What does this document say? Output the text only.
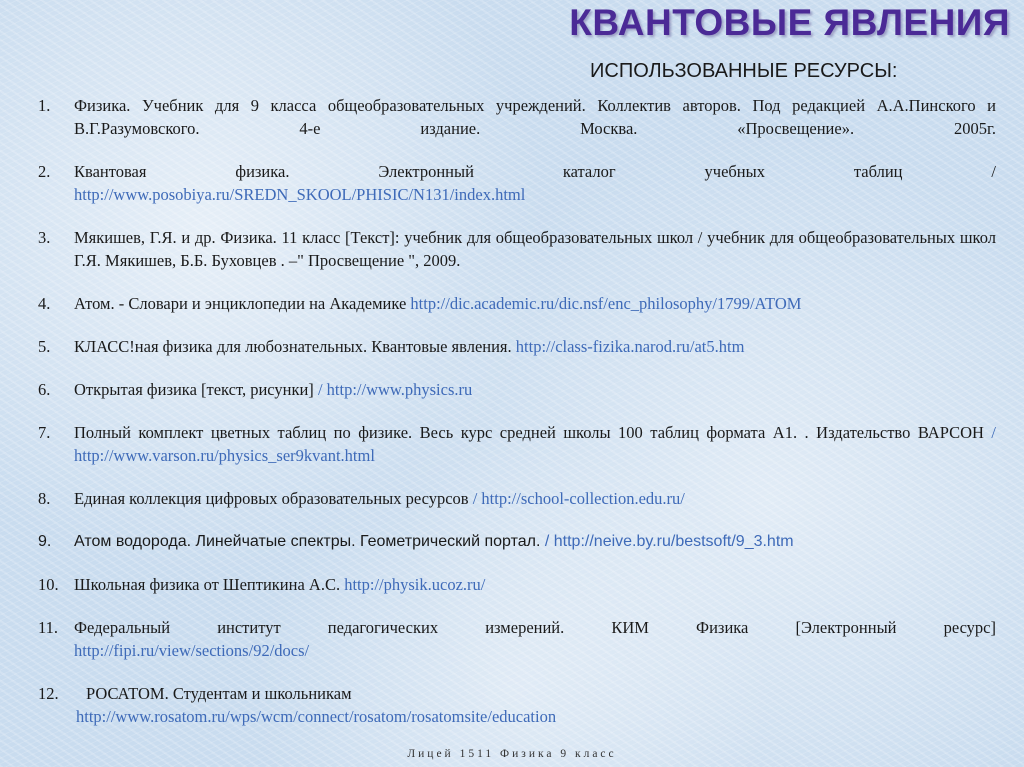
КВАНТОВЫЕ ЯВЛЕНИЯ
ИСПОЛЬЗОВАННЫЕ РЕСУРСЫ:
1. Физика. Учебник для 9 класса общеобразовательных учреждений. Коллектив авторов. Под редакцией А.А.Пинского и В.Г.Разумовского. 4-е издание. Москва. «Просвещение». 2005г.
2. Квантовая физика. Электронный каталог учебных таблиц /
http://www.posobiya.ru/SREDN_SKOOL/PHISIC/N131/index.html
3. Мякишев, Г.Я. и др. Физика. 11 класс [Текст]: учебник для общеобразовательных школ / учебник для общеобразовательных школ Г.Я. Мякишев, Б.Б. Буховцев . –" Просвещение ", 2009.
4. Атом. - Словари и энциклопедии на Академике http://dic.academic.ru/dic.nsf/enc_philosophy/1799/АТОМ
5. КЛАСС!ная физика для любознательных. Квантовые явления. http://class-fizika.narod.ru/at5.htm
6. Открытая физика [текст, рисунки] / http://www.physics.ru
7. Полный комплект цветных таблиц по физике. Весь курс средней школы 100 таблиц формата А1. . Издательство ВАРСОН / http://www.varson.ru/physics_ser9kvant.html
8. Единая коллекция цифровых образовательных ресурсов / http://school-collection.edu.ru/
9. Атом водорода. Линейчатые спектры. Геометрический портал. / http://neive.by.ru/bestsoft/9_3.htm
10. Школьная физика от Шептикина А.С. http://physik.ucoz.ru/
11. Федеральный институт педагогических измерений. КИМ Физика [Электронный ресурс]
http://fipi.ru/view/sections/92/docs/
12. РОСАТОМ. Студентам и школьникам
http://www.rosatom.ru/wps/wcm/connect/rosatom/rosatomsite/education
Лицей 1511 Физика 9 класс
